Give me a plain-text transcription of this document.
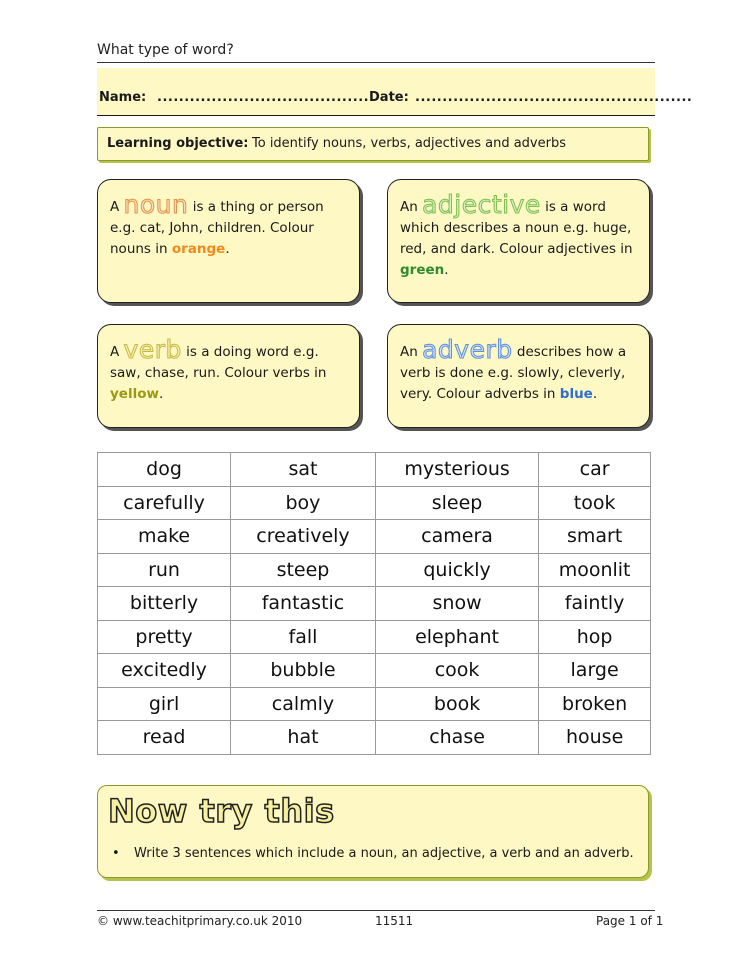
What type of word?
Name: ........................................
Date: ...................................................
Learning objective: To identify nouns, verbs, adjectives and adverbs
A noun is a thing or person e.g. cat, John, children. Colour nouns in orange.
An adjective is a word which describes a noun e.g. huge, red, and dark. Colour adjectives in green.
A verb is a doing word e.g. saw, chase, run. Colour verbs in yellow.
An adverb describes how a verb is done e.g. slowly, cleverly, very. Colour adverbs in blue.
dog	sat	mysterious	car
carefully	boy	sleep	took
make	creatively	camera	smart
run	steep	quickly	moonlit
bitterly	fantastic	snow	faintly
pretty	fall	elephant	hop
excitedly	bubble	cook	large
girl	calmly	book	broken
read	hat	chase	house
Now try this
• Write 3 sentences which include a noun, an adjective, a verb and an adverb.
© www.teachitprimary.co.uk 2010	11511	Page 1 of 1
